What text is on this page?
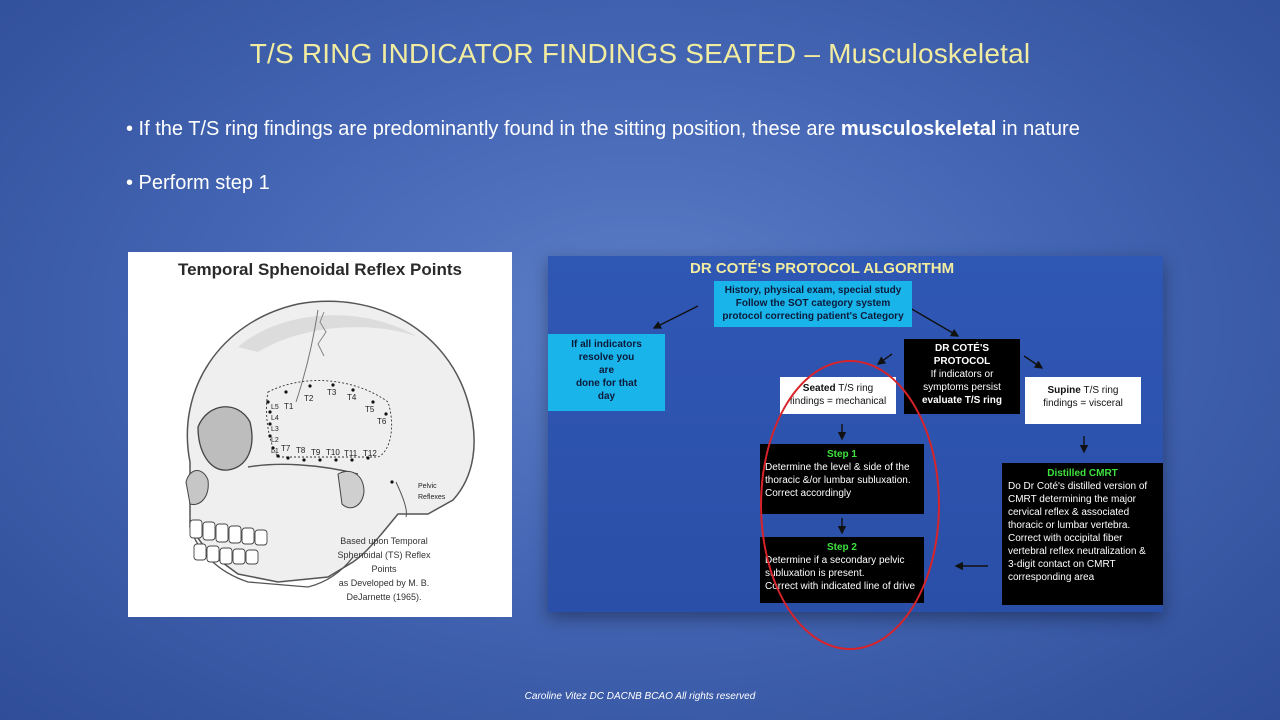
T/S RING INDICATOR FINDINGS SEATED – Musculoskeletal
• If the T/S ring findings are predominantly found in the sitting position, these are musculoskeletal in nature
• Perform step 1
T1
T2
T3
T4
T5
T6
T7 T8 T9 T10 T11 T12
L5
L4
L3
L2
L1
Pelvic
Reflexes
Temporal Sphenoidal Reflex Points
Based upon Temporal
Sphenoidal (TS) Reflex Points
as Developed by M. B.
DeJarnette (1965).
DR COTÉ'S PROTOCOL ALGORITHM
History, physical exam, special study
Follow the SOT category system
protocol correcting patient's Category
If all indicators
resolve you
are
done for that
day
DR COTÉ'S
PROTOCOL
If indicators or
symptoms persist
evaluate T/S ring
Seated T/S ring
findings = mechanical
Supine T/S ring
findings = visceral
Step 1
Determine the level & side of the thoracic &/or lumbar subluxation. Correct accordingly
Step 2
Determine if a secondary pelvic
subluxation is present.
Correct with indicated line of drive
Distilled CMRT
Do Dr Coté's distilled version of CMRT determining the major cervical reflex & associated thoracic or lumbar vertebra. Correct with occipital fiber vertebral reflex neutralization & 3-digit contact on CMRT corresponding area
Caroline Vitez DC DACNB BCAO All rights reserved
